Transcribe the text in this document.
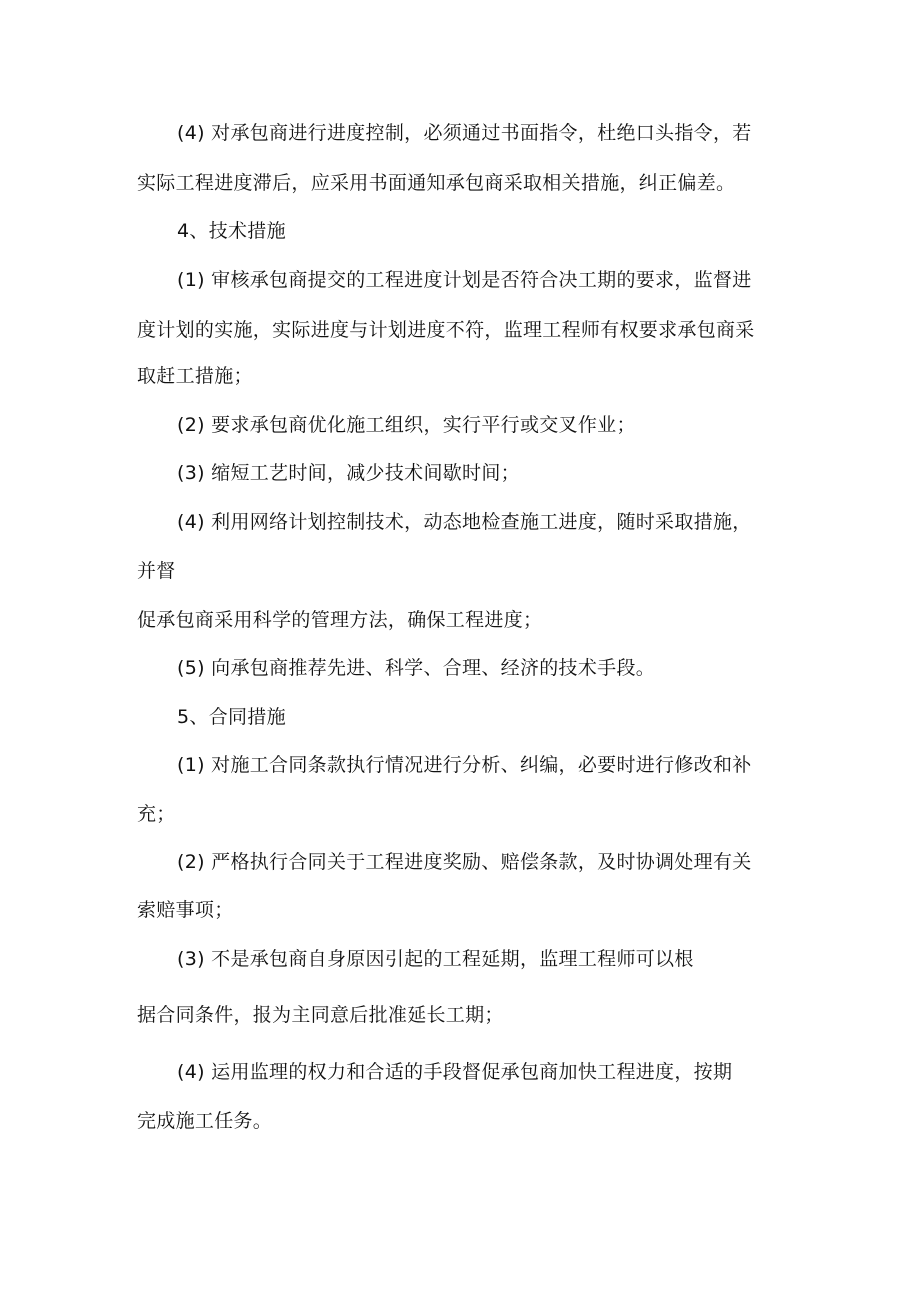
(4) 对承包商进行进度控制，必须通过书面指令，杜绝口头指令，若
实际工程进度滞后，应采用书面通知承包商采取相关措施，纠正偏差。
4、技术措施
(1) 审核承包商提交的工程进度计划是否符合决工期的要求，监督进
度计划的实施，实际进度与计划进度不符，监理工程师有权要求承包商采
取赶工措施；
(2) 要求承包商优化施工组织，实行平行或交叉作业；
(3) 缩短工艺时间，减少技术间歇时间；
(4) 利用网络计划控制技术，动态地检查施工进度，随时采取措施，
并督
促承包商采用科学的管理方法，确保工程进度；
(5) 向承包商推荐先进、科学、合理、经济的技术手段。
5、合同措施
(1) 对施工合同条款执行情况进行分析、纠编，必要时进行修改和补
充；
(2) 严格执行合同关于工程进度奖励、赔偿条款，及时协调处理有关
索赔事项；
(3) 不是承包商自身原因引起的工程延期，监理工程师可以根
据合同条件，报为主同意后批准延长工期；
(4) 运用监理的权力和合适的手段督促承包商加快工程进度，按期
完成施工任务。
